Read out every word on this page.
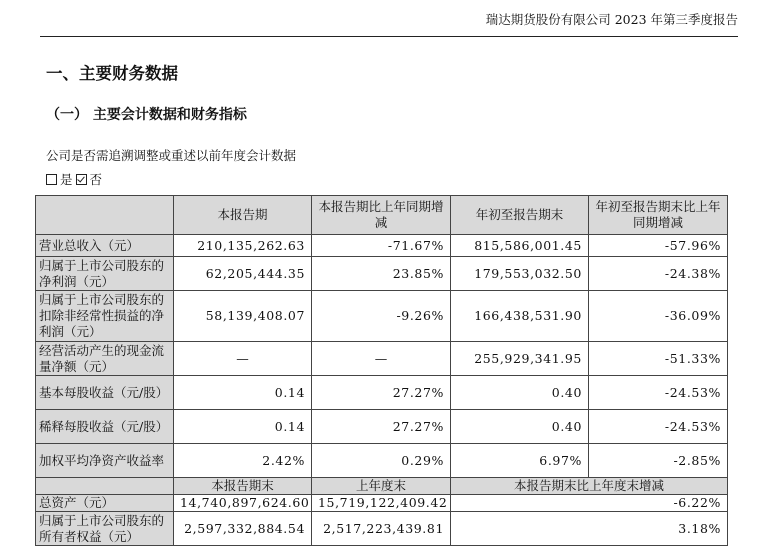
瑞达期货股份有限公司 2023 年第三季度报告
一、主要财务数据
（一） 主要会计数据和财务指标
公司是否需追溯调整或重述以前年度会计数据
是 否
	本报告期	本报告期比上年同期增减	年初至报告期末	年初至报告期末比上年同期增减
营业总收入（元）	210,135,262.63	-71.67%	815,586,001.45	-57.96%
归属于上市公司股东的净利润（元）	62,205,444.35	23.85%	179,553,032.50	-24.38%
归属于上市公司股东的扣除非经常性损益的净利润（元）	58,139,408.07	-9.26%	166,438,531.90	-36.09%
经营活动产生的现金流量净额（元）	—	—	255,929,341.95	-51.33%
基本每股收益（元/股）	0.14	27.27%	0.40	-24.53%
稀释每股收益（元/股）	0.14	27.27%	0.40	-24.53%
加权平均净资产收益率	2.42%	0.29%	6.97%	-2.85%
	本报告期末	上年度末	本报告期末比上年度末增减	
总资产（元）	14,740,897,624.60	15,719,122,409.42	-6.22%	
归属于上市公司股东的所有者权益（元）	2,597,332,884.54	2,517,223,439.81	3.18%	
